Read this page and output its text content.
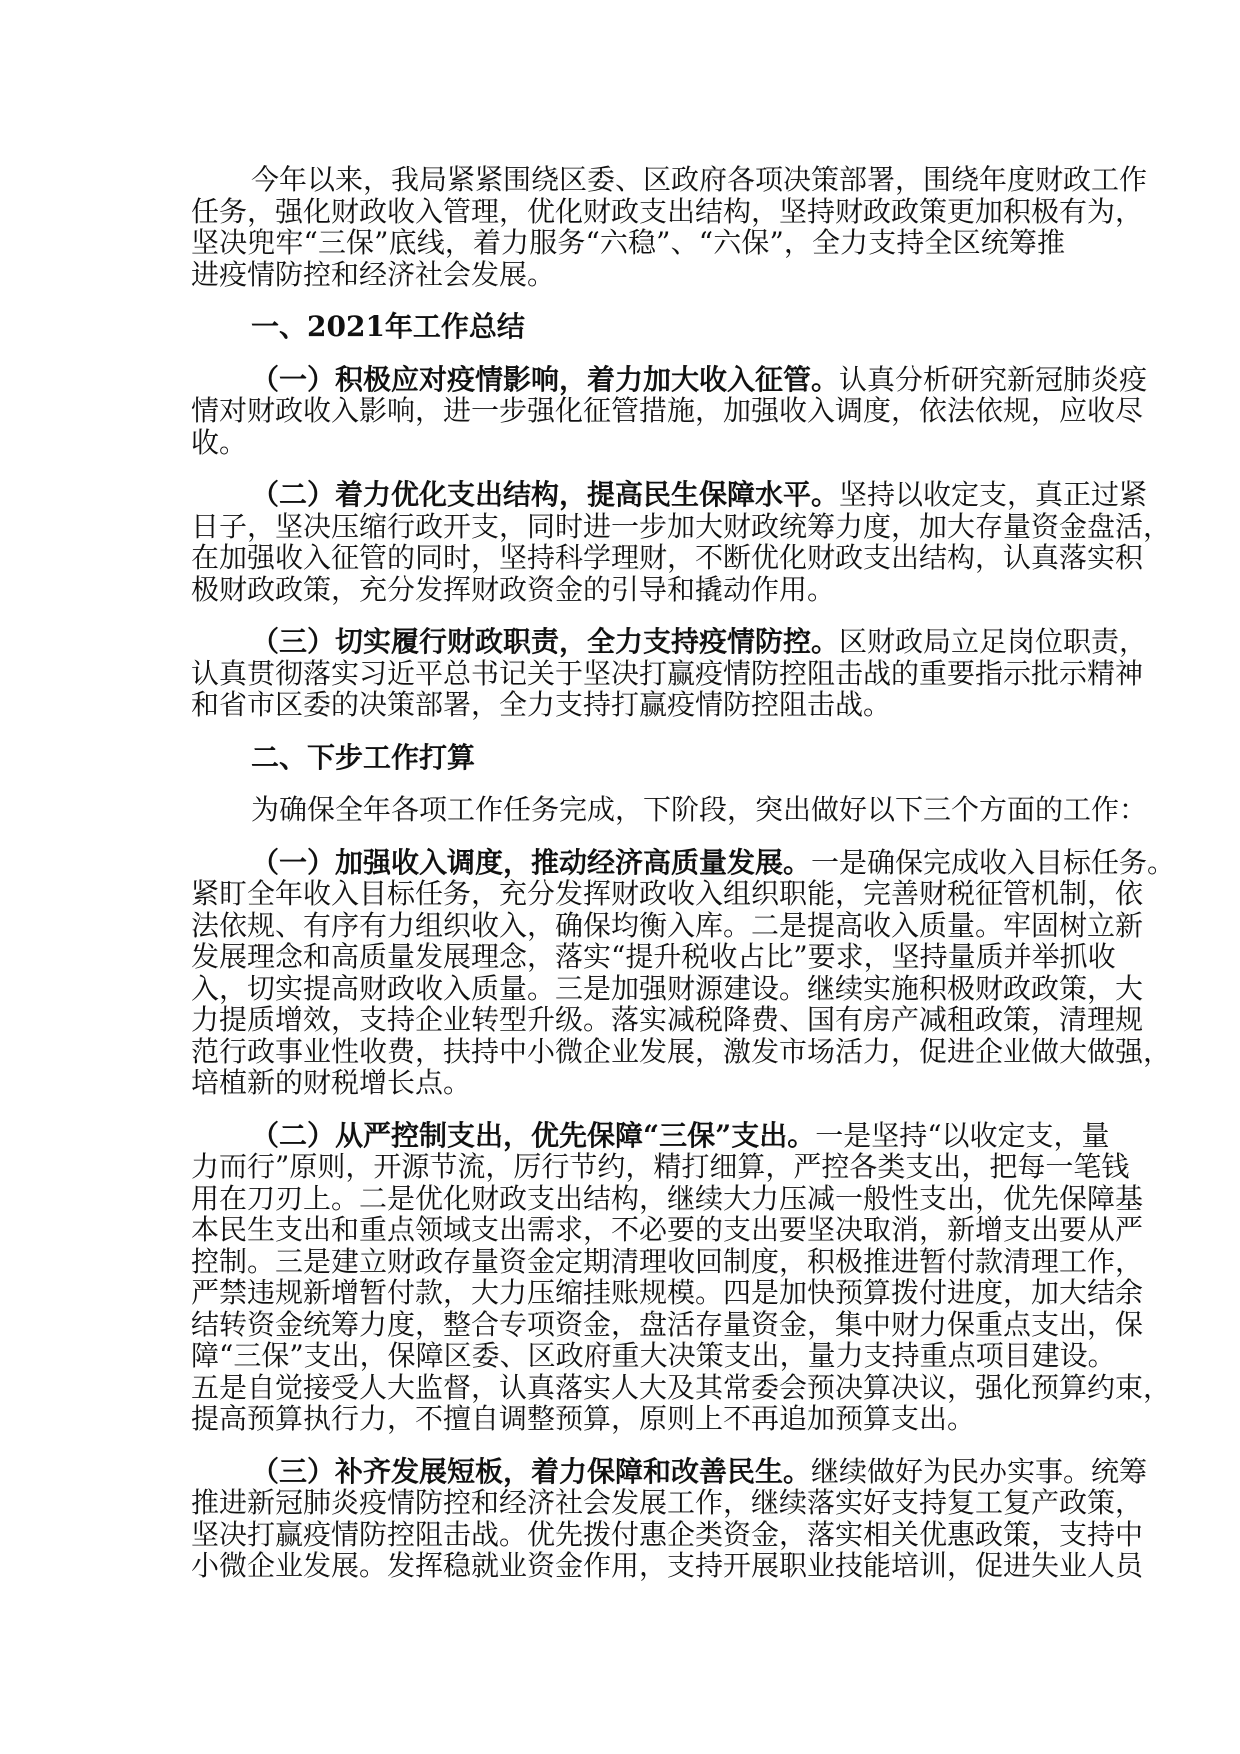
今年以来，我局紧紧围绕区委、区政府各项决策部署，围绕年度财政工作
任务，强化财政收入管理，优化财政支出结构，坚持财政政策更加积极有为，
坚决兜牢“三保”底线，着力服务“六稳”、“六保”，全力支持全区统筹推
进疫情防控和经济社会发展。
一、2021年工作总结
（一）积极应对疫情影响，着力加大收入征管。认真分析研究新冠肺炎疫
情对财政收入影响，进一步强化征管措施，加强收入调度，依法依规，应收尽
收。
（二）着力优化支出结构，提高民生保障水平。坚持以收定支，真正过紧
日子，坚决压缩行政开支，同时进一步加大财政统筹力度，加大存量资金盘活，
在加强收入征管的同时，坚持科学理财，不断优化财政支出结构，认真落实积
极财政政策，充分发挥财政资金的引导和撬动作用。
（三）切实履行财政职责，全力支持疫情防控。区财政局立足岗位职责，
认真贯彻落实习近平总书记关于坚决打赢疫情防控阻击战的重要指示批示精神
和省市区委的决策部署，全力支持打赢疫情防控阻击战。
二、下步工作打算
为确保全年各项工作任务完成，下阶段，突出做好以下三个方面的工作：
（一）加强收入调度，推动经济高质量发展。一是确保完成收入目标任务。
紧盯全年收入目标任务，充分发挥财政收入组织职能，完善财税征管机制，依
法依规、有序有力组织收入，确保均衡入库。二是提高收入质量。牢固树立新
发展理念和高质量发展理念，落实“提升税收占比”要求，坚持量质并举抓收
入，切实提高财政收入质量。三是加强财源建设。继续实施积极财政政策，大
力提质增效，支持企业转型升级。落实减税降费、国有房产减租政策，清理规
范行政事业性收费，扶持中小微企业发展，激发市场活力，促进企业做大做强，
培植新的财税增长点。
（二）从严控制支出，优先保障“三保”支出。一是坚持“以收定支，量
力而行”原则，开源节流，厉行节约，精打细算，严控各类支出，把每一笔钱
用在刀刃上。二是优化财政支出结构，继续大力压减一般性支出，优先保障基
本民生支出和重点领域支出需求，不必要的支出要坚决取消，新增支出要从严
控制。三是建立财政存量资金定期清理收回制度，积极推进暂付款清理工作，
严禁违规新增暂付款，大力压缩挂账规模。四是加快预算拨付进度，加大结余
结转资金统筹力度，整合专项资金，盘活存量资金，集中财力保重点支出，保
障“三保”支出，保障区委、区政府重大决策支出，量力支持重点项目建设。
五是自觉接受人大监督，认真落实人大及其常委会预决算决议，强化预算约束，
提高预算执行力，不擅自调整预算，原则上不再追加预算支出。
（三）补齐发展短板，着力保障和改善民生。继续做好为民办实事。统筹
推进新冠肺炎疫情防控和经济社会发展工作，继续落实好支持复工复产政策，
坚决打赢疫情防控阻击战。优先拨付惠企类资金，落实相关优惠政策，支持中
小微企业发展。发挥稳就业资金作用，支持开展职业技能培训，促进失业人员
